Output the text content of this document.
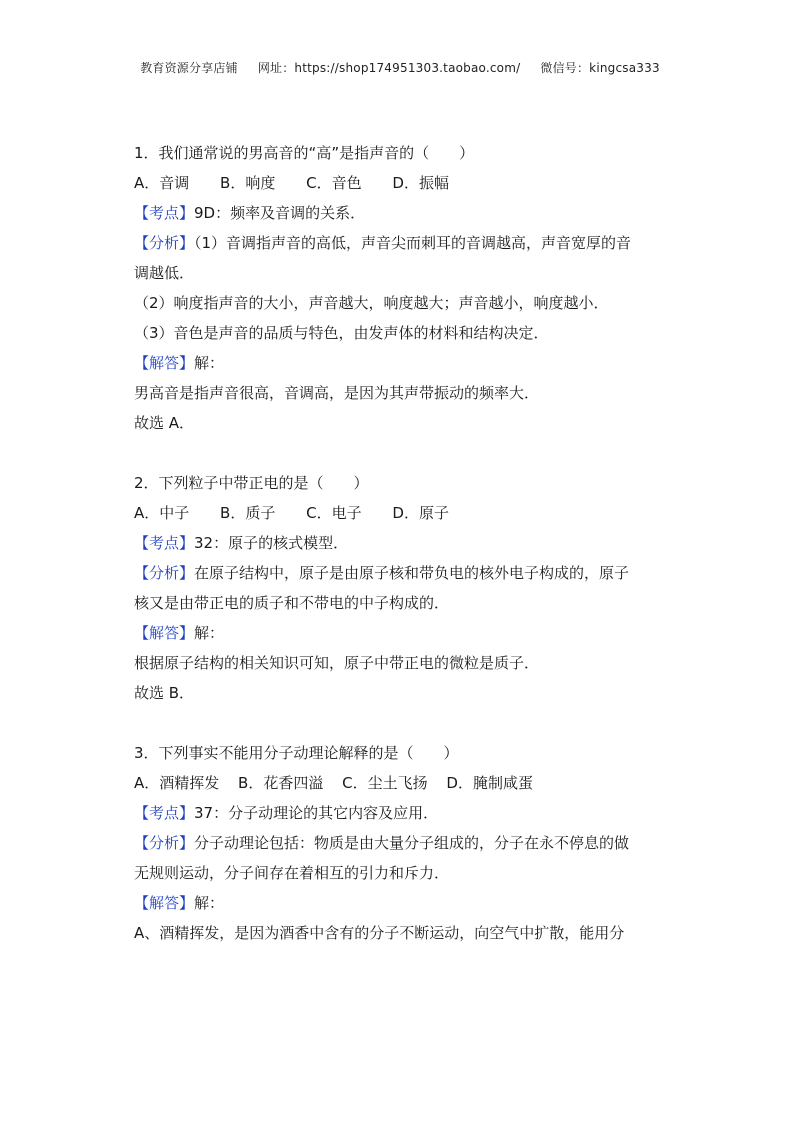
教育资源分享店铺 网址：https://shop174951303.taobao.com/ 微信号：kingcsa333
1．我们通常说的男高音的“高”是指声音的（　　）
A．音调 B．响度 C．音色 D．振幅
【考点】9D：频率及音调的关系．
【分析】（1）音调指声音的高低，声音尖而刺耳的音调越高，声音宽厚的音
调越低．
（2）响度指声音的大小，声音越大，响度越大；声音越小，响度越小．
（3）音色是声音的品质与特色，由发声体的材料和结构决定．
【解答】解：
男高音是指声音很高，音调高，是因为其声带振动的频率大．
故选 A．
2．下列粒子中带正电的是（　　）
A．中子 B．质子 C．电子 D．原子
【考点】32：原子的核式模型．
【分析】在原子结构中，原子是由原子核和带负电的核外电子构成的，原子
核又是由带正电的质子和不带电的中子构成的．
【解答】解：
根据原子结构的相关知识可知，原子中带正电的微粒是质子．
故选 B．
3．下列事实不能用分子动理论解释的是（　　）
A．酒精挥发 B．花香四溢 C．尘土飞扬 D．腌制咸蛋
【考点】37：分子动理论的其它内容及应用．
【分析】分子动理论包括：物质是由大量分子组成的，分子在永不停息的做
无规则运动，分子间存在着相互的引力和斥力．
【解答】解：
A、酒精挥发，是因为酒香中含有的分子不断运动，向空气中扩散，能用分
